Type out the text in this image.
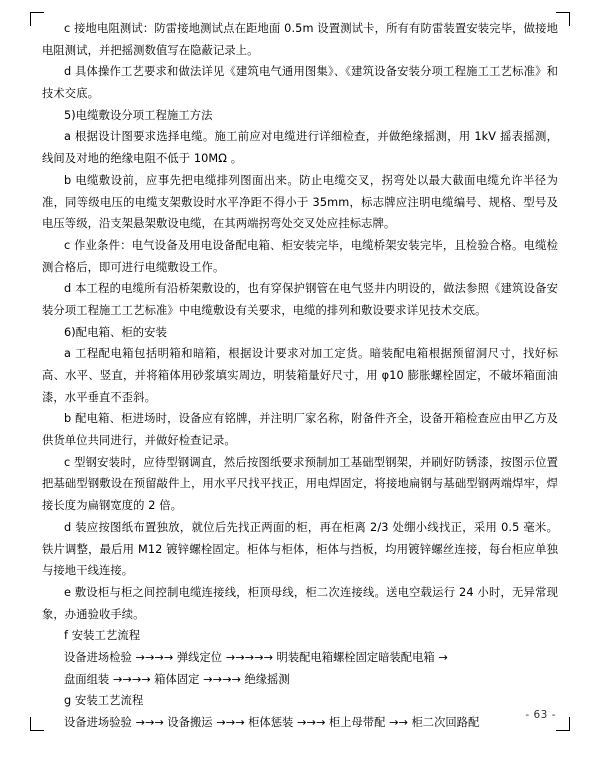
c 接地电阻测试：防雷接地测试点在距地面 0.5m 设置测试卡，所有有防雷装置安装完毕，做接地电阻测试，并把摇测数值写在隐蔽记录上。

d 具体操作工艺要求和做法详见《建筑电气通用图集》、《建筑设备安装分项工程施工工艺标准》和技术交底。

5)电缆敷设分项工程施工方法

a 根据设计图要求选择电缆。施工前应对电缆进行详细检查，并做绝缘摇测，用 1kV 摇表摇测，线间及对地的绝缘电阻不低于 10MΩ 。

b 电缆敷设前，应事先把电缆排列图面出来。防止电缆交叉，拐弯处以最大截面电缆允许半径为准，同等级电压的电缆支架敷设时水平净距不得小于 35mm，标志牌应注明电缆编号、规格、型号及电压等级，沿支架悬架敷设电缆，在其两端拐弯处交叉处应挂标志牌。

c 作业条件：电气设备及用电设备配电箱、柜安装完毕，电缆桥架安装完毕，且检验合格。电缆检测合格后，即可进行电缆敷设工作。

d 本工程的电缆所有沿桥架敷设的，也有穿保护钢管在电气竖井内明设的，做法参照《建筑设备安装分项工程施工工艺标准》中电缆敷设有关要求，电缆的排列和敷设要求详见技术交底。

6)配电箱、柜的安装

a 工程配电箱包括明箱和暗箱，根据设计要求对加工定货。暗装配电箱根据预留洞尺寸，找好标高、水平、竖直，并将箱体用砂浆填实周边，明装箱量好尺寸，用 φ10 膨胀螺栓固定，不破坏箱面油漆，水平垂直不歪斜。

b 配电箱、柜进场时，设备应有铭牌，并注明厂家名称，附备件齐全，设备开箱检查应由甲乙方及供货单位共同进行，并做好检查记录。

c 型钢安装时，应待型钢调直，然后按图纸要求预制加工基础型钢架，并刷好防锈漆，按图示位置把基础型钢敷设在预留敲件上，用水平尺找平找正，用电焊固定，将接地扁钢与基础型钢两端焊牢，焊接长度为扁钢宽度的 2 倍。

d 装应按图纸布置独放，就位后先找正两面的柜，再在柜离 2/3 处绷小线找正，采用 0.5 毫米。铁片调整，最后用 M12 镀锌螺栓固定。柜体与柜体，柜体与挡板，均用镀锌螺丝连接，每台柜应单独与接地干线连接。

e 敷设柜与柜之间控制电缆连接线，柜顶母线，柜二次连接线。送电空载运行 24 小时，无异常现象，办通验收手续。

f 安装工艺流程

设备进场检验 →→→→ 弹线定位 →→→→→ 明装配电箱螺栓固定暗装配电箱 →

盘面组装 →→→→ 箱体固定 →→→→ 绝缘摇测

g 安装工艺流程

设备进场验验 →→→ 设备搬运 →→→ 柜体惩装 →→→ 柜上母带配 →→ 柜二次回路配

- 63 -
